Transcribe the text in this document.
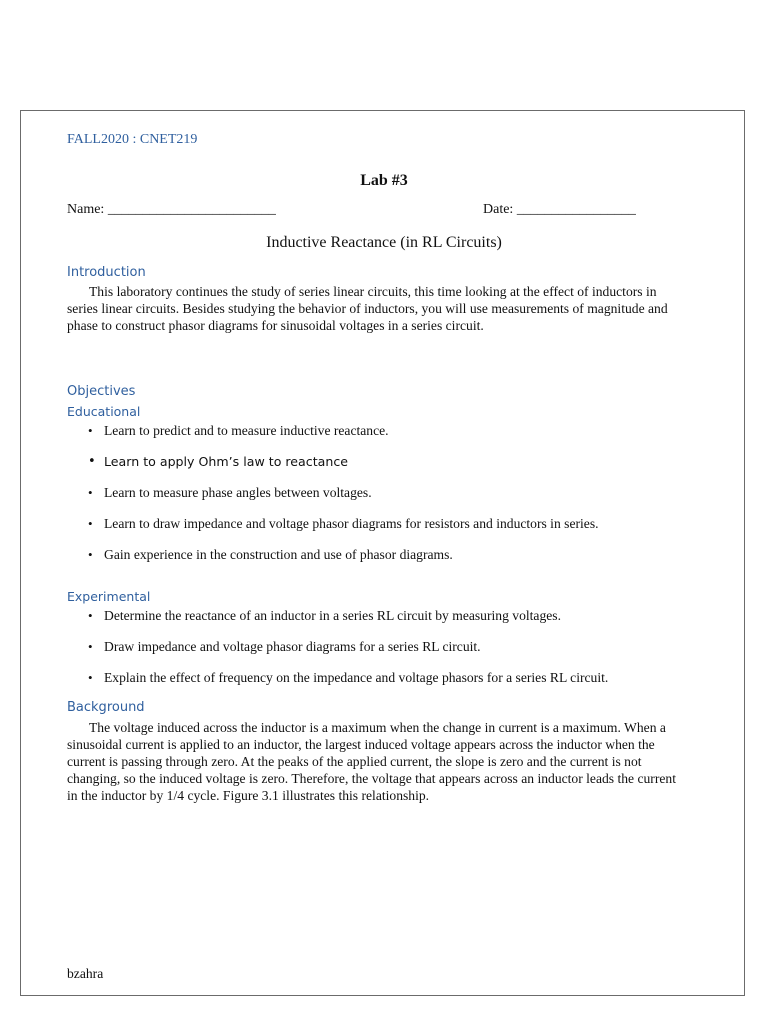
FALL2020 : CNET219
Lab #3
Name: ________________________	Date: _________________
Inductive Reactance (in RL Circuits)
Introduction
This laboratory continues the study of series linear circuits, this time looking at the effect of inductors in series linear circuits. Besides studying the behavior of inductors, you will use measurements of magnitude and phase to construct phasor diagrams for sinusoidal voltages in a series circuit.
Objectives
Educational
• Learn to predict and to measure inductive reactance.
• Learn to apply Ohm’s law to reactance
• Learn to measure phase angles between voltages.
• Learn to draw impedance and voltage phasor diagrams for resistors and inductors in series.
• Gain experience in the construction and use of phasor diagrams.
Experimental
• Determine the reactance of an inductor in a series RL circuit by measuring voltages.
• Draw impedance and voltage phasor diagrams for a series RL circuit.
• Explain the effect of frequency on the impedance and voltage phasors for a series RL circuit.
Background
The voltage induced across the inductor is a maximum when the change in current is a maximum. When a sinusoidal current is applied to an inductor, the largest induced voltage appears across the inductor when the current is passing through zero. At the peaks of the applied current, the slope is zero and the current is not changing, so the induced voltage is zero. Therefore, the voltage that appears across an inductor leads the current in the inductor by 1/4 cycle. Figure 3.1 illustrates this relationship.
bzahra
